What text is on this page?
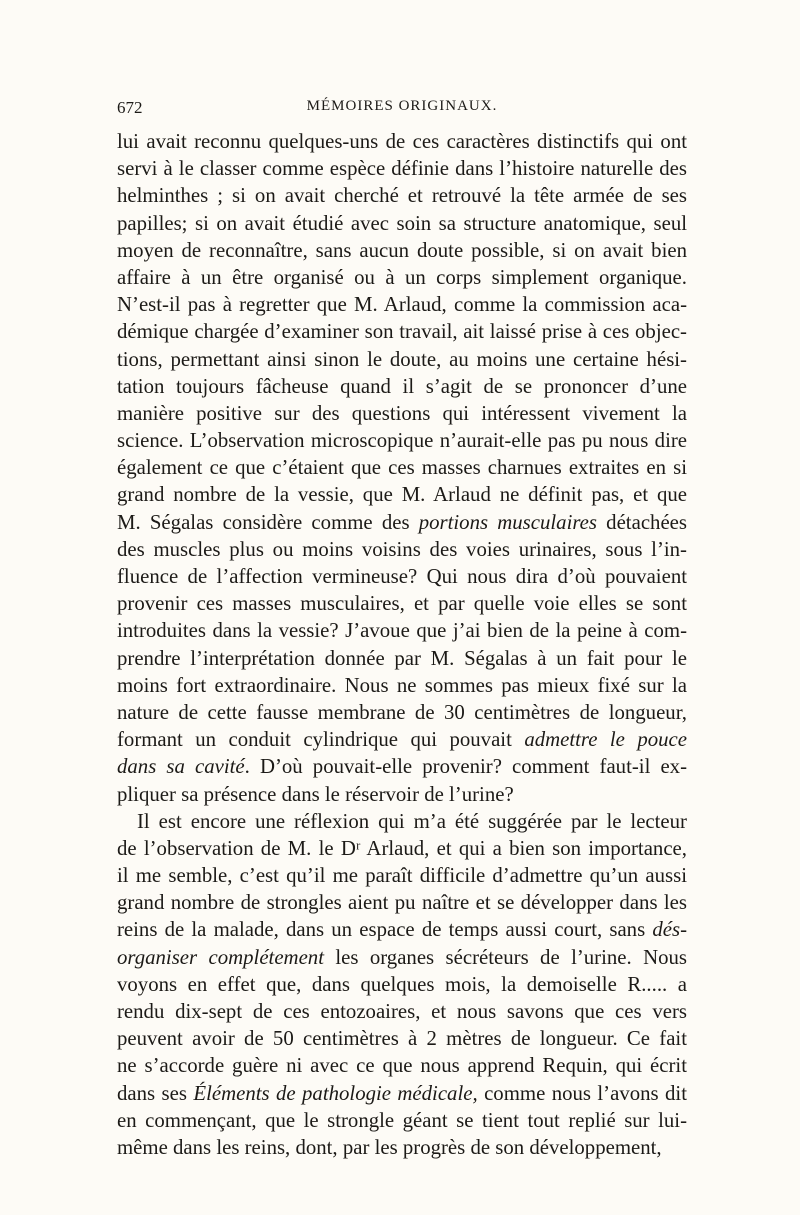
672	MÉMOIRES ORIGINAUX.
lui avait reconnu quelques-uns de ces caractères distinctifs qui ont
servi à le classer comme espèce définie dans l’histoire naturelle des
helminthes ; si on avait cherché et retrouvé la tête armée de ses
papilles; si on avait étudié avec soin sa structure anatomique, seul
moyen de reconnaître, sans aucun doute possible, si on avait bien
affaire à un être organisé ou à un corps simplement organique.
N’est-il pas à regretter que M. Arlaud, comme la commission aca-
démique chargée d’examiner son travail, ait laissé prise à ces objec-
tions, permettant ainsi sinon le doute, au moins une certaine hési-
tation toujours fâcheuse quand il s’agit de se prononcer d’une
manière positive sur des questions qui intéressent vivement la
science. L’observation microscopique n’aurait-elle pas pu nous dire
également ce que c’étaient que ces masses charnues extraites en si
grand nombre de la vessie, que M. Arlaud ne définit pas, et que
M. Ségalas considère comme des portions musculaires détachées
des muscles plus ou moins voisins des voies urinaires, sous l’in-
fluence de l’affection vermineuse? Qui nous dira d’où pouvaient
provenir ces masses musculaires, et par quelle voie elles se sont
introduites dans la vessie? J’avoue que j’ai bien de la peine à com-
prendre l’interprétation donnée par M. Ségalas à un fait pour le
moins fort extraordinaire. Nous ne sommes pas mieux fixé sur la
nature de cette fausse membrane de 30 centimètres de longueur,
formant un conduit cylindrique qui pouvait admettre le pouce
dans sa cavité. D’où pouvait-elle provenir? comment faut-il ex-
pliquer sa présence dans le réservoir de l’urine?
Il est encore une réflexion qui m’a été suggérée par le lecteur
de l’observation de M. le Dʳ Arlaud, et qui a bien son importance,
il me semble, c’est qu’il me paraît difficile d’admettre qu’un aussi
grand nombre de strongles aient pu naître et se développer dans les
reins de la malade, dans un espace de temps aussi court, sans dés-
organiser complétement les organes sécréteurs de l’urine. Nous
voyons en effet que, dans quelques mois, la demoiselle R..... a
rendu dix-sept de ces entozoaires, et nous savons que ces vers
peuvent avoir de 50 centimètres à 2 mètres de longueur. Ce fait
ne s’accorde guère ni avec ce que nous apprend Requin, qui écrit
dans ses Éléments de pathologie médicale, comme nous l’avons dit
en commençant, que le strongle géant se tient tout replié sur lui-
même dans les reins, dont, par les progrès de son développement,
